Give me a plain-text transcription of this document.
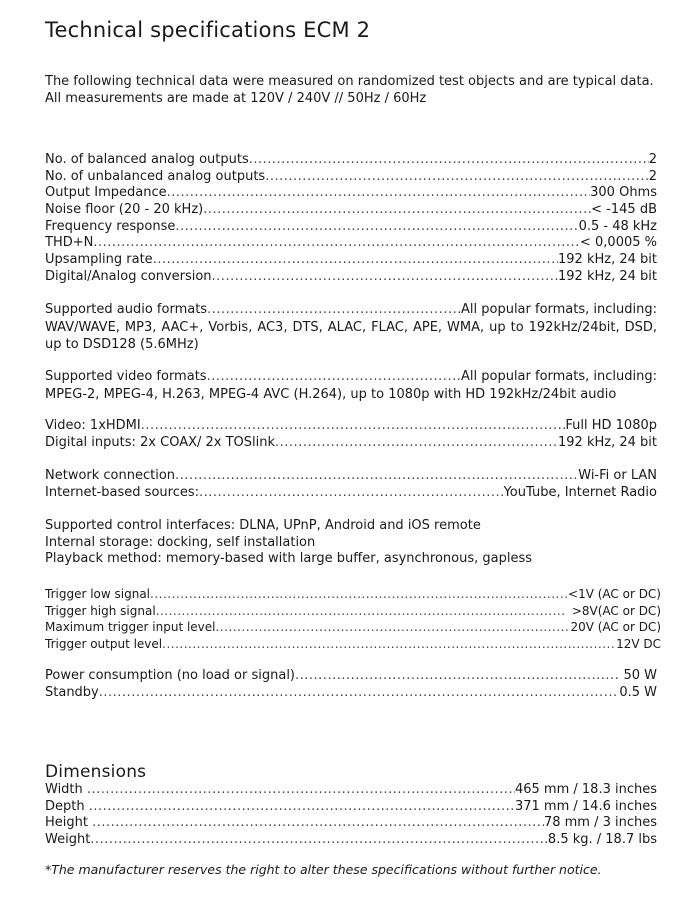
Technical specifications ECM 2
The following technical data were measured on randomized test objects and are typical data.
All measurements are made at 120V / 240V // 50Hz / 60Hz
No. of balanced analog outputs .....	2
No. of unbalanced analog outputs .....	2
Output Impedance .....	300 Ohms
Noise floor (20 - 20 kHz) .....	< -145 dB
Frequency response .....	0.5 - 48 kHz
THD+N .....	< 0,0005 %
Upsampling rate .....	192 kHz, 24 bit
Digital/Analog conversion .....	192 kHz, 24 bit
Supported audio formats .....	All popular formats, including:
WAV/WAVE, MP3, AAC+, Vorbis, AC3, DTS, ALAC, FLAC, APE, WMA, up to 192kHz/24bit, DSD, up to DSD128 (5.6MHz)
Supported video formats .....	All popular formats, including:
MPEG-2, MPEG-4, H.263, MPEG-4 AVC (H.264), up to 1080p with HD 192kHz/24bit audio
Video: 1xHDMI .....	Full HD 1080p
Digital inputs: 2x COAX/ 2x TOSlink .....	192 kHz, 24 bit
Network connection .....	Wi-Fi or LAN
Internet-based sources: .....	YouTube, Internet Radio
Supported control interfaces: DLNA, UPnP, Android and iOS remote
Internal storage: docking, self installation
Playback method: memory-based with large buffer, asynchronous, gapless
Trigger low signal .....	<1V (AC or DC)
Trigger high signal .....	>8V(AC or DC)
Maximum trigger input level .....	20V (AC or DC)
Trigger output level .....	12V DC
Power consumption (no load or signal) .....	50 W
Standby .....	0.5 W
Dimensions
Width .....	465 mm / 18.3 inches
Depth .....	371 mm / 14.6 inches
Height .....	78 mm / 3 inches
Weight .....	8.5 kg. / 18.7 lbs
*The manufacturer reserves the right to alter these specifications without further notice.
